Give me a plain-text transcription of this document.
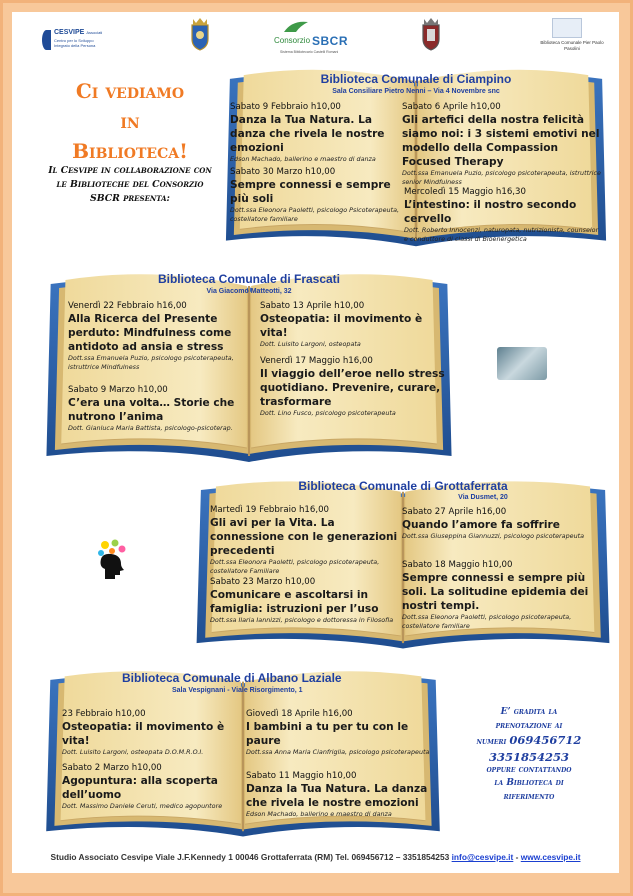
CESVIPE Associati
Centro per lo Sviluppo Integrato della Persona
Consorzio SBCR
Sistema Bibliotecario Castelli Romani
Biblioteca Comunale Pier Paolo Pasolini
Ci vediamo
in
Biblioteca!
Il Cesvipe in collaborazione con le Biblioteche del Consorzio SBCR presenta:
Biblioteca Comunale di Ciampino
Sala Consiliare Pietro Nenni – Via 4 Novembre snc
Sabato 9 Febbraio h10,00
Danza la Tua Natura. La danza che rivela le nostre emozioni
Edson Machado, ballerino e maestro di danza
Sabato 30 Marzo h10,00
Sempre connessi e sempre più soli
Dott.ssa Eleonora Paoletti, psicologo Psicoterapeuta, costellatore familiare
Sabato 6 Aprile h10,00
Gli artefici della nostra felicità siamo noi: i 3 sistemi emotivi nel modello della Compassion Focused Therapy
Dott.ssa Emanuela Puzio, psicologo psicoterapeuta, istruttrice senior Mindfulness
Mercoledì 15 Maggio h16,30
L’intestino: il nostro secondo cervello
Dott. Roberto Innocenzi, naturopata, nutrizionista, counselor e conduttore di classi di Bioenergetica
Biblioteca Comunale di Frascati
Via Giacomo Matteotti, 32
Venerdì 22 Febbraio h16,00
Alla Ricerca del Presente perduto: Mindfulness come antidoto ad ansia e stress
Dott.ssa Emanuela Puzio, psicologo psicoterapeuta, istruttrice Mindfulness
Sabato 9 Marzo h10,00
C’era una volta… Storie che nutrono l’anima
Dott. Gianluca Maria Battista, psicologo-psicoterap.
Sabato 13 Aprile h10,00
Osteopatia: il movimento è vita!
Dott. Luisito Largoni, osteopata
Venerdì 17 Maggio h16,00
Il viaggio dell’eroe nello stress quotidiano. Prevenire, curare, trasformare
Dott. Lino Fusco, psicologo psicoterapeuta
Biblioteca Comunale di Grottaferrata
Via Dusmet, 20
Martedì 19 Febbraio h16,00
Gli avi per la Vita. La connessione con le generazioni precedenti
Dott.ssa Eleonora Paoletti, psicologo psicoterapeuta, costellatore Familiare
Sabato 23 Marzo h10,00
Comunicare e ascoltarsi in famiglia: istruzioni per l’uso
Dott.ssa Ilaria Iannizzi, psicologo e dottoressa in Filosofia
Sabato 27 Aprile h16,00
Quando l’amore fa soffrire
Dott.ssa Giuseppina Giannuzzi, psicologo psicoterapeuta
Sabato 18 Maggio h10,00
Sempre connessi e sempre più soli. La solitudine epidemia dei nostri tempi.
Dott.ssa Eleonora Paoletti, psicologo psicoterapeuta, costellatore familiare
Biblioteca Comunale di Albano Laziale
Sala Vespignani - Viale Risorgimento, 1
23 Febbraio h10,00
Osteopatia: il movimento è vita!
Dott. Luisito Largoni, osteopata D.O.M.R.O.I.
Sabato 2 Marzo h10,00
Agopuntura: alla scoperta dell’uomo
Dott. Massimo Daniele Ceruti, medico agopuntore
Giovedì 18 Aprile h16,00
I bambini a tu per tu con le paure
Dott.ssa Anna Maria Cianfriglia, psicologo psicoterapeuta
Sabato 11 Maggio h10,00
Danza la Tua Natura. La danza che rivela le nostre emozioni
Edson Machado, ballerino e maestro di danza
E’ gradita la
prenotazione ai
numeri 069456712
3351854253
oppure contattando
la Biblioteca di
riferimento
Studio Associato Cesvipe Viale J.F.Kennedy 1 00046 Grottaferrata (RM) Tel. 069456712 – 3351854253 info@cesvipe.it - www.cesvipe.it
